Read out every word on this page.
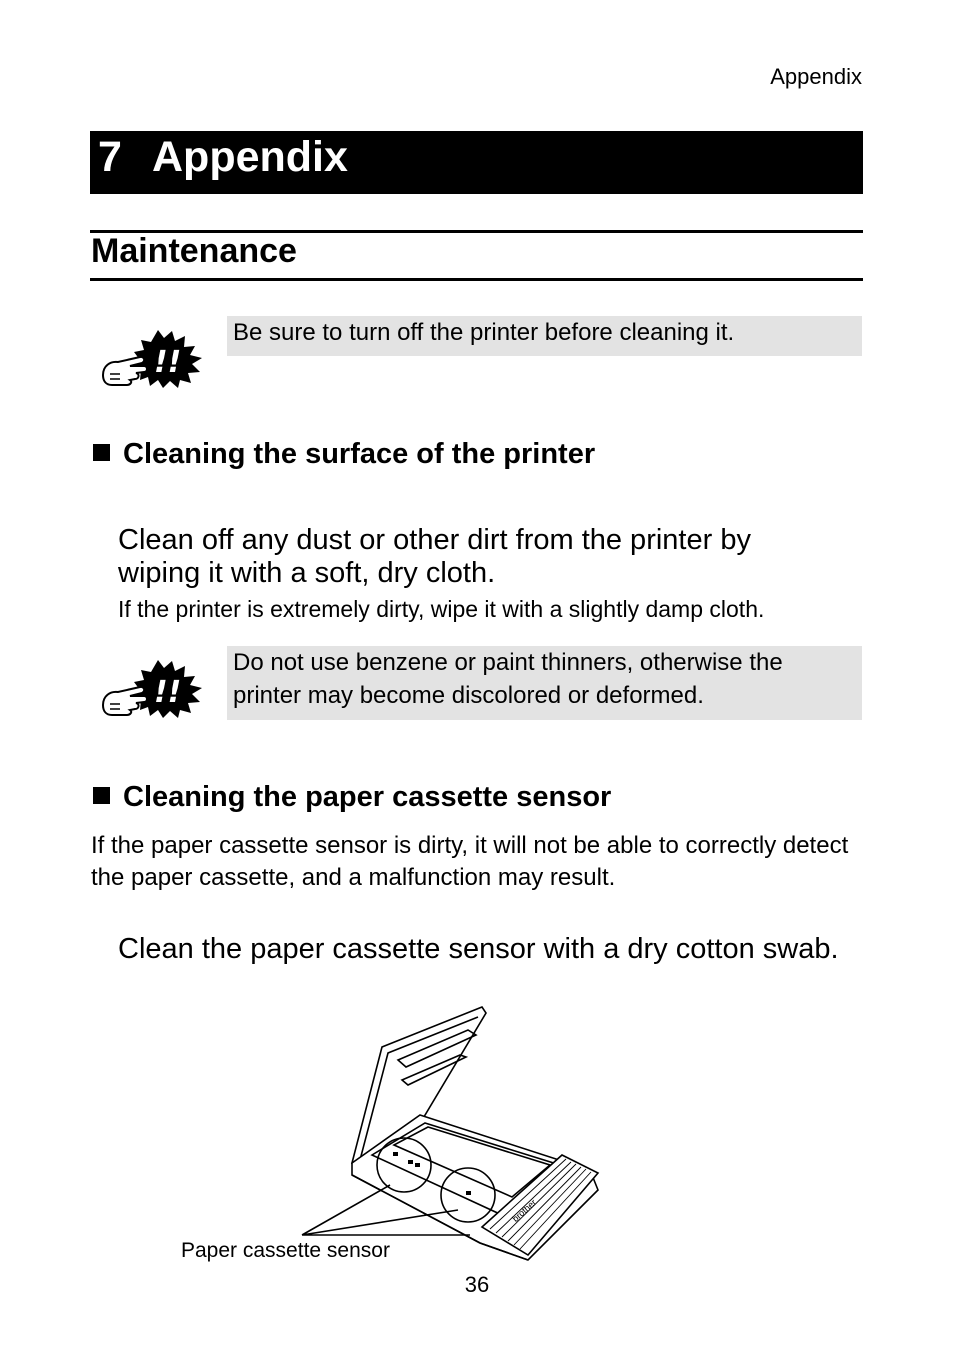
Appendix
7 Appendix
Maintenance
!!
Be sure to turn off the printer before cleaning it.
Cleaning the surface of the printer
Clean off any dust or other dirt from the printer by wiping it with a soft, dry cloth.
If the printer is extremely dirty, wipe it with a slightly damp cloth.
!!
Do not use benzene or paint thinners, otherwise the printer may become discolored or deformed.
Cleaning the paper cassette sensor
If the paper cassette sensor is dirty, it will not be able to correctly detect the paper cassette, and a malfunction may result.
Clean the paper cassette sensor with a dry cotton swab.
brother
Paper cassette sensor
36
